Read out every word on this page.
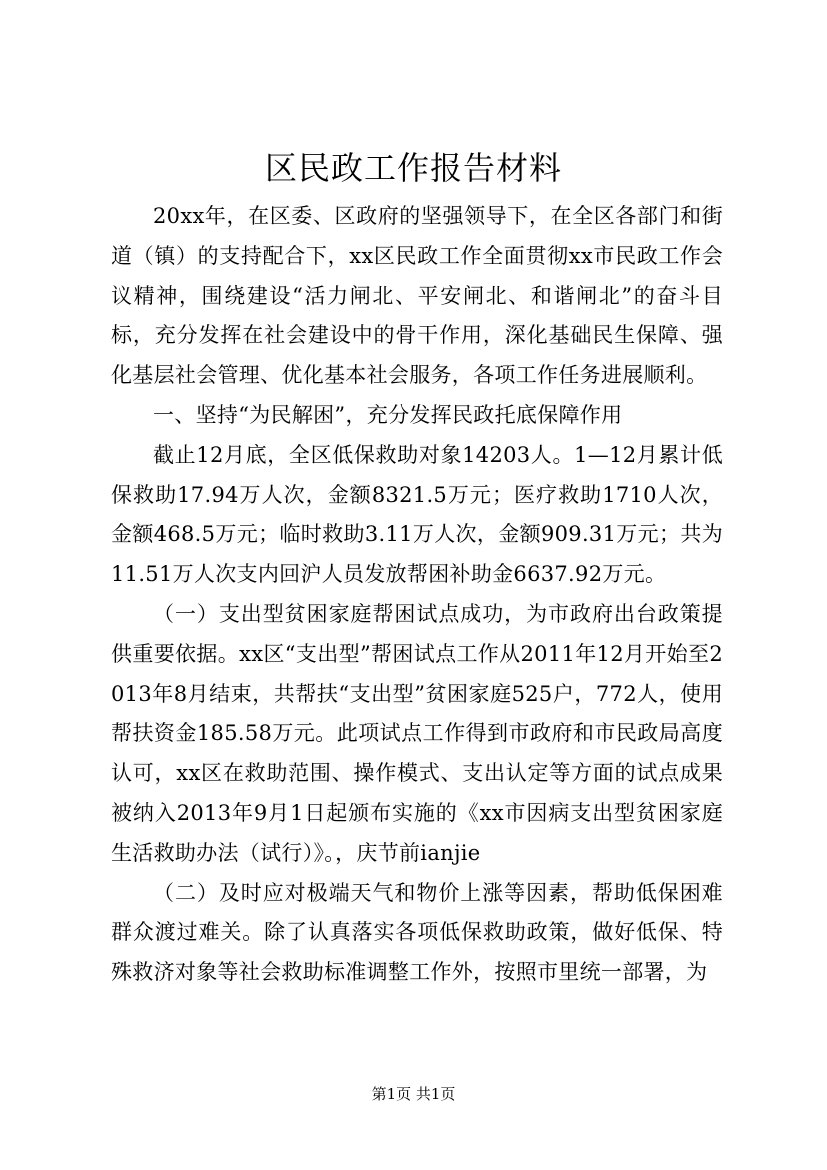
区民政工作报告材料

20xx年，在区委、区政府的坚强领导下，在全区各部门和街道（镇）的支持配合下，xx区民政工作全面贯彻xx市民政工作会议精神，围绕建设“活力闸北、平安闸北、和谐闸北”的奋斗目标，充分发挥在社会建设中的骨干作用，深化基础民生保障、强化基层社会管理、优化基本社会服务，各项工作任务进展顺利。

一、坚持“为民解困”，充分发挥民政托底保障作用

截止12月底，全区低保救助对象14203人。1—12月累计低保救助17.94万人次，金额8321.5万元；医疗救助1710人次，金额468.5万元；临时救助3.11万人次，金额909.31万元；共为11.51万人次支内回沪人员发放帮困补助金6637.92万元。

（一）支出型贫困家庭帮困试点成功，为市政府出台政策提供重要依据。xx区“支出型”帮困试点工作从2011年12月开始至2013年8月结束，共帮扶“支出型”贫困家庭525户，772人，使用帮扶资金185.58万元。此项试点工作得到市政府和市民政局高度认可，xx区在救助范围、操作模式、支出认定等方面的试点成果被纳入2013年9月1日起颁布实施的《xx市因病支出型贫困家庭生活救助办法（试行）》。，庆节前ianjie

（二）及时应对极端天气和物价上涨等因素，帮助低保困难群众渡过难关。除了认真落实各项低保救助政策，做好低保、特殊救济对象等社会救助标准调整工作外，按照市里统一部署，为

第1页 共1页
